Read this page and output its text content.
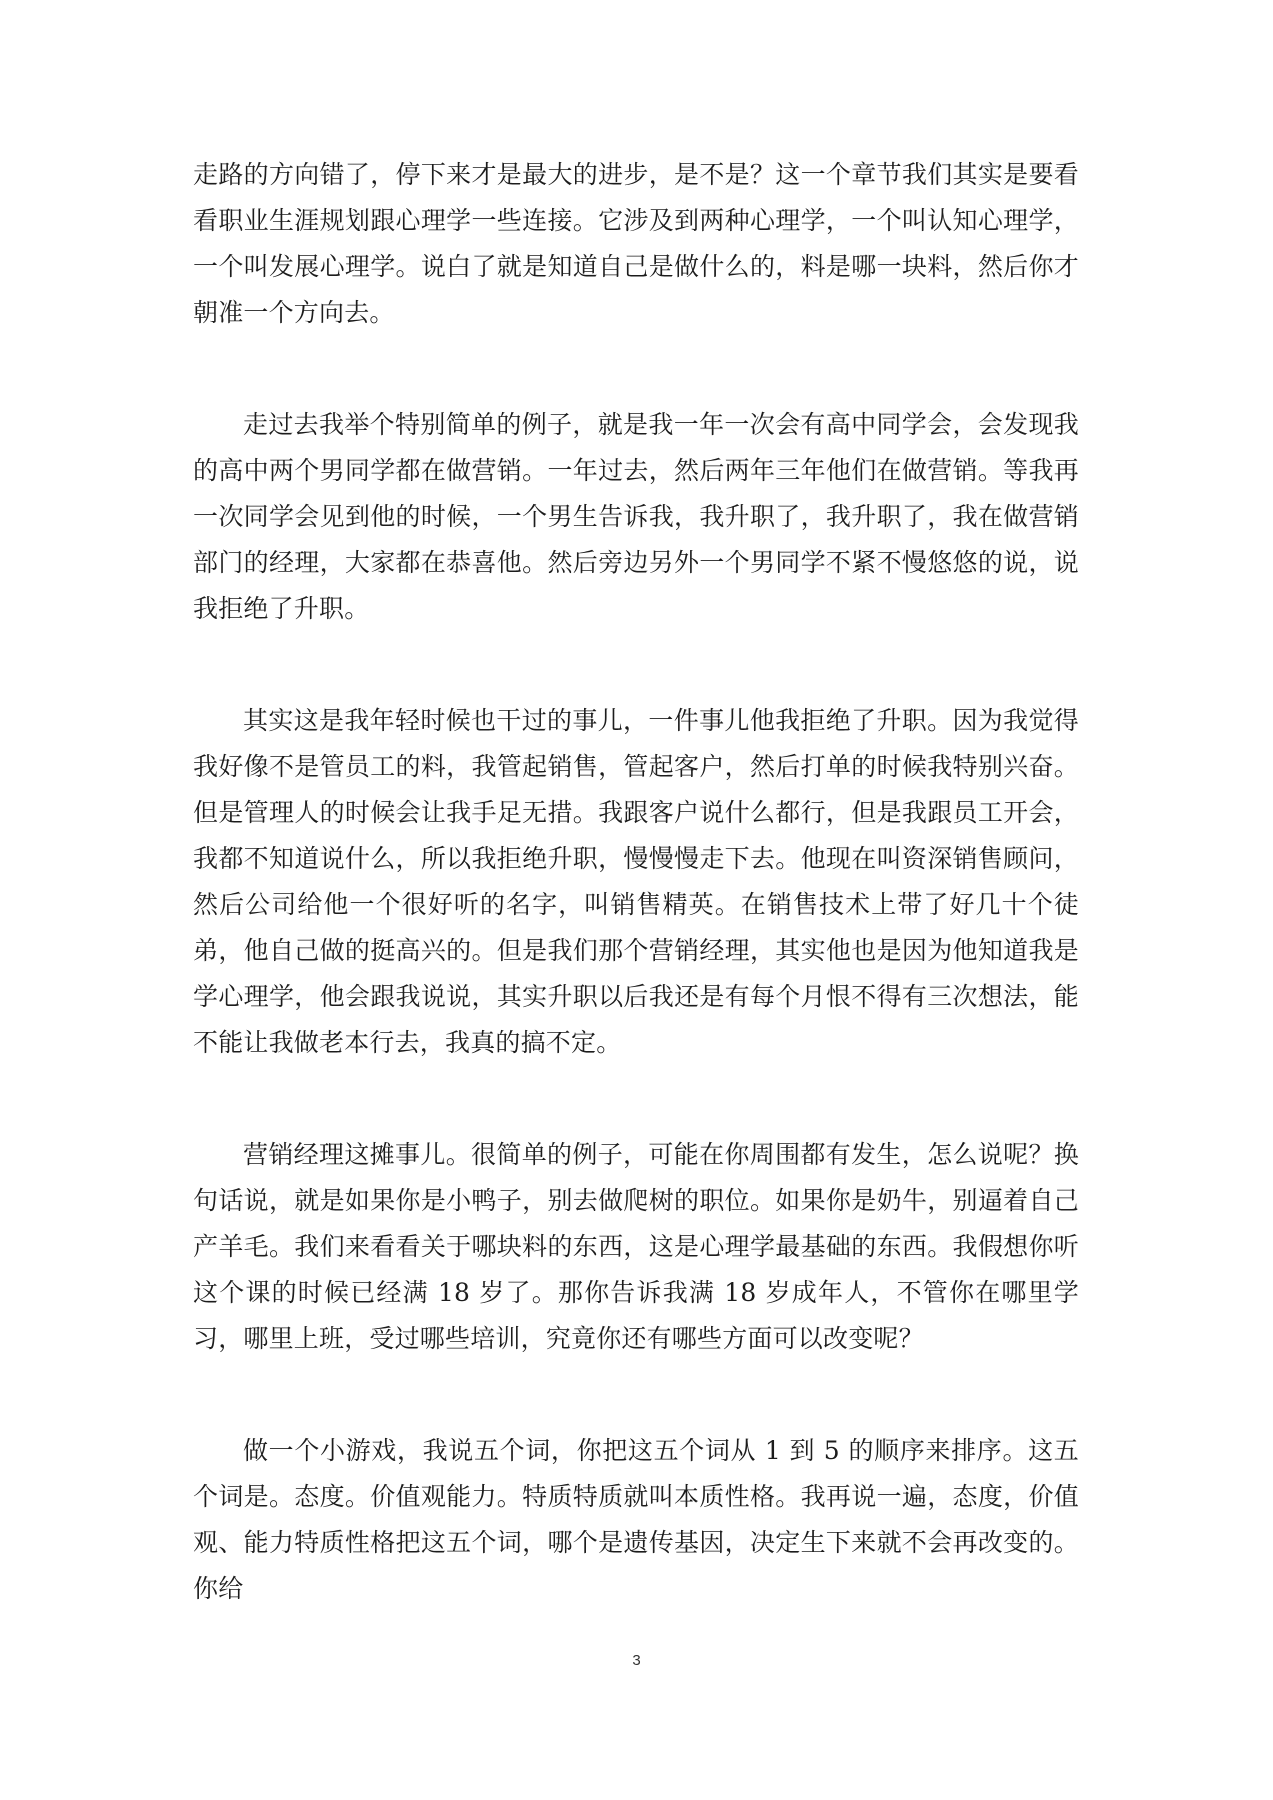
走路的方向错了，停下来才是最大的进步，是不是？这一个章节我们其实是要看看职业生涯规划跟心理学一些连接。它涉及到两种心理学，一个叫认知心理学，一个叫发展心理学。说白了就是知道自己是做什么的，料是哪一块料，然后你才朝准一个方向去。

走过去我举个特别简单的例子，就是我一年一次会有高中同学会，会发现我的高中两个男同学都在做营销。一年过去，然后两年三年他们在做营销。等我再一次同学会见到他的时候，一个男生告诉我，我升职了，我升职了，我在做营销部门的经理，大家都在恭喜他。然后旁边另外一个男同学不紧不慢悠悠的说，说我拒绝了升职。

其实这是我年轻时候也干过的事儿，一件事儿他我拒绝了升职。因为我觉得我好像不是管员工的料，我管起销售，管起客户，然后打单的时候我特别兴奋。但是管理人的时候会让我手足无措。我跟客户说什么都行，但是我跟员工开会，我都不知道说什么，所以我拒绝升职，慢慢慢走下去。他现在叫资深销售顾问，然后公司给他一个很好听的名字，叫销售精英。在销售技术上带了好几十个徒弟，他自己做的挺高兴的。但是我们那个营销经理，其实他也是因为他知道我是学心理学，他会跟我说说，其实升职以后我还是有每个月恨不得有三次想法，能不能让我做老本行去，我真的搞不定。

营销经理这摊事儿。很简单的例子，可能在你周围都有发生，怎么说呢？换句话说，就是如果你是小鸭子，别去做爬树的职位。如果你是奶牛，别逼着自己产羊毛。我们来看看关于哪块料的东西，这是心理学最基础的东西。我假想你听这个课的时候已经满 18 岁了。那你告诉我满 18 岁成年人，不管你在哪里学习，哪里上班，受过哪些培训，究竟你还有哪些方面可以改变呢？

做一个小游戏，我说五个词，你把这五个词从 1 到 5 的顺序来排序。这五个词是。态度。价值观能力。特质特质就叫本质性格。我再说一遍，态度，价值观、能力特质性格把这五个词，哪个是遗传基因，决定生下来就不会再改变的。你给

3
